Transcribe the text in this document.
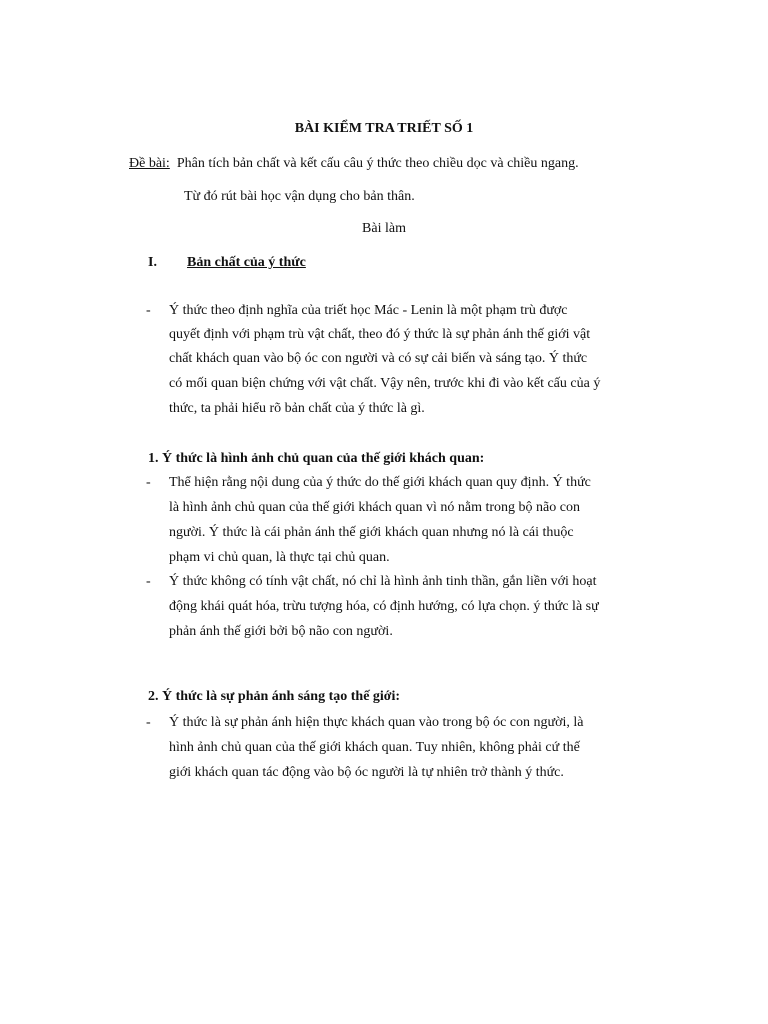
BÀI KIỂM TRA TRIẾT SỐ 1
Đề bài: Phân tích bản chất và kết cấu câu ý thức theo chiều dọc và chiều ngang.
Từ đó rút bài học vận dụng cho bản thân.
Bài làm
I. Bản chất của ý thức
- Ý thức theo định nghĩa của triết học Mác - Lenin là một phạm trù được
quyết định với phạm trù vật chất, theo đó ý thức là sự phản ánh thế giới vật
chất khách quan vào bộ óc con người và có sự cải biến và sáng tạo. Ý thức
có mối quan biện chứng với vật chất. Vậy nên, trước khi đi vào kết cấu của ý
thức, ta phải hiểu rõ bản chất của ý thức là gì.
1. Ý thức là hình ảnh chủ quan của thế giới khách quan:
- Thể hiện rằng nội dung của ý thức do thế giới khách quan quy định. Ý thức
là hình ảnh chủ quan của thế giới khách quan vì nó nằm trong bộ não con
người. Ý thức là cái phản ánh thế giới khách quan nhưng nó là cái thuộc
phạm vi chủ quan, là thực tại chủ quan.
- Ý thức không có tính vật chất, nó chỉ là hình ảnh tinh thần, gắn liền với hoạt
động khái quát hóa, trừu tượng hóa, có định hướng, có lựa chọn. ý thức là sự
phản ánh thế giới bởi bộ não con người.
2. Ý thức là sự phản ánh sáng tạo thế giới:
- Ý thức là sự phản ánh hiện thực khách quan vào trong bộ óc con người, là
hình ảnh chủ quan của thế giới khách quan. Tuy nhiên, không phải cứ thế
giới khách quan tác động vào bộ óc người là tự nhiên trở thành ý thức.
